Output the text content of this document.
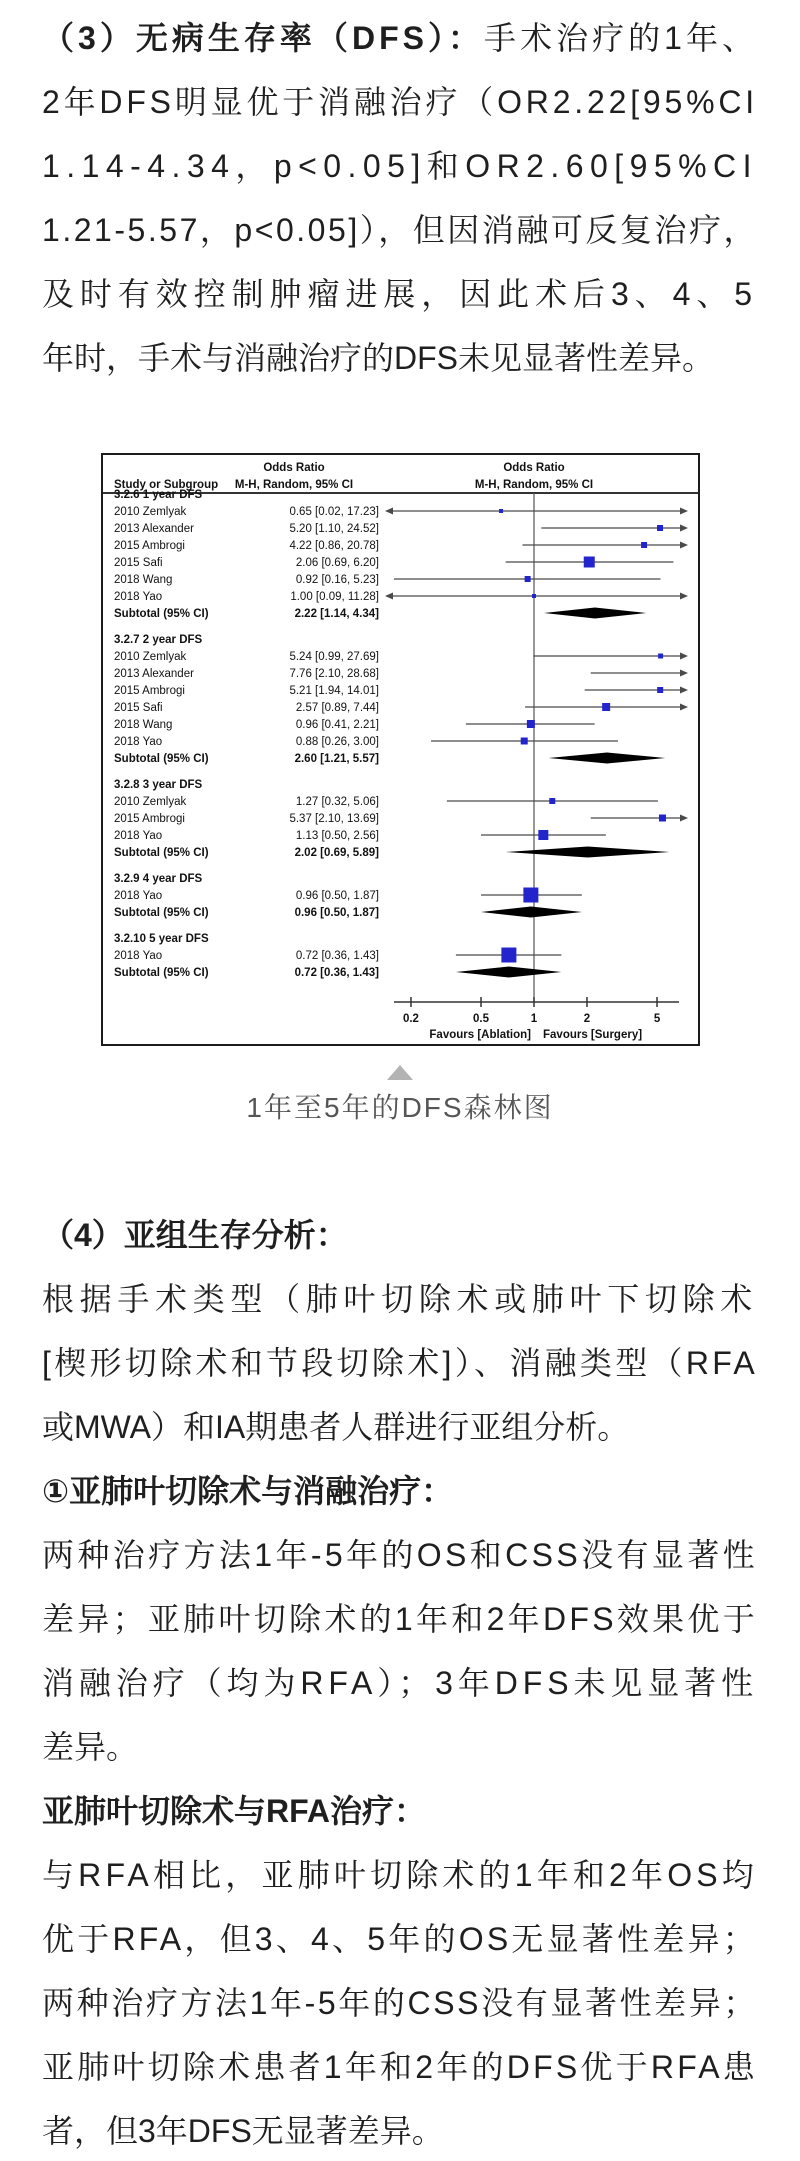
（3）无病生存率（DFS）：手术治疗的1年、
2年DFS明显优于消融治疗（OR2.22[95%CI
1.14-4.34，p<0.05]和OR2.60[95%CI
1.21-5.57，p<0.05]），但因消融可反复治疗，
及时有效控制肿瘤进展，因此术后3、4、5
年时，手术与消融治疗的DFS未见显著性差异。
Odds Ratio	Odds Ratio
Study or Subgroup M-H, Random, 95% CI	M-H, Random, 95% CI
3.2.6 1 year DFS
2010 Zemlyak	0.65 [0.02, 17.23]
2013 Alexander	5.20 [1.10, 24.52]
2015 Ambrogi	4.22 [0.86, 20.78]
2015 Safi	2.06 [0.69, 6.20]
2018 Wang	0.92 [0.16, 5.23]
2018 Yao	1.00 [0.09, 11.28]
Subtotal (95% CI)	2.22 [1.14, 4.34]
3.2.7 2 year DFS
2010 Zemlyak	5.24 [0.99, 27.69]
2013 Alexander	7.76 [2.10, 28.68]
2015 Ambrogi	5.21 [1.94, 14.01]
2015 Safi	2.57 [0.89, 7.44]
2018 Wang	0.96 [0.41, 2.21]
2018 Yao	0.88 [0.26, 3.00]
Subtotal (95% CI)	2.60 [1.21, 5.57]
3.2.8 3 year DFS
2010 Zemlyak	1.27 [0.32, 5.06]
2015 Ambrogi	5.37 [2.10, 13.69]
2018 Yao	1.13 [0.50, 2.56]
Subtotal (95% CI)	2.02 [0.69, 5.89]
3.2.9 4 year DFS
2018 Yao	0.96 [0.50, 1.87]
Subtotal (95% CI)	0.96 [0.50, 1.87]
3.2.10 5 year DFS
2018 Yao	0.72 [0.36, 1.43]
Subtotal (95% CI)	0.72 [0.36, 1.43]
0.2	0.5	1	2	5
Favours [Ablation] Favours [Surgery]
1年至5年的DFS森林图
（4）亚组生存分析：
根据手术类型（肺叶切除术或肺叶下切除术
[楔形切除术和节段切除术]）、消融类型（RFA
或MWA）和IA期患者人群进行亚组分析。
①亚肺叶切除术与消融治疗：
两种治疗方法1年-5年的OS和CSS没有显著性
差异；亚肺叶切除术的1年和2年DFS效果优于
消融治疗（均为RFA）；3年DFS未见显著性
差异。
亚肺叶切除术与RFA治疗：
与RFA相比，亚肺叶切除术的1年和2年OS均
优于RFA，但3、4、5年的OS无显著性差异；
两种治疗方法1年-5年的CSS没有显著性差异；
亚肺叶切除术患者1年和2年的DFS优于RFA患
者，但3年DFS无显著差异。
